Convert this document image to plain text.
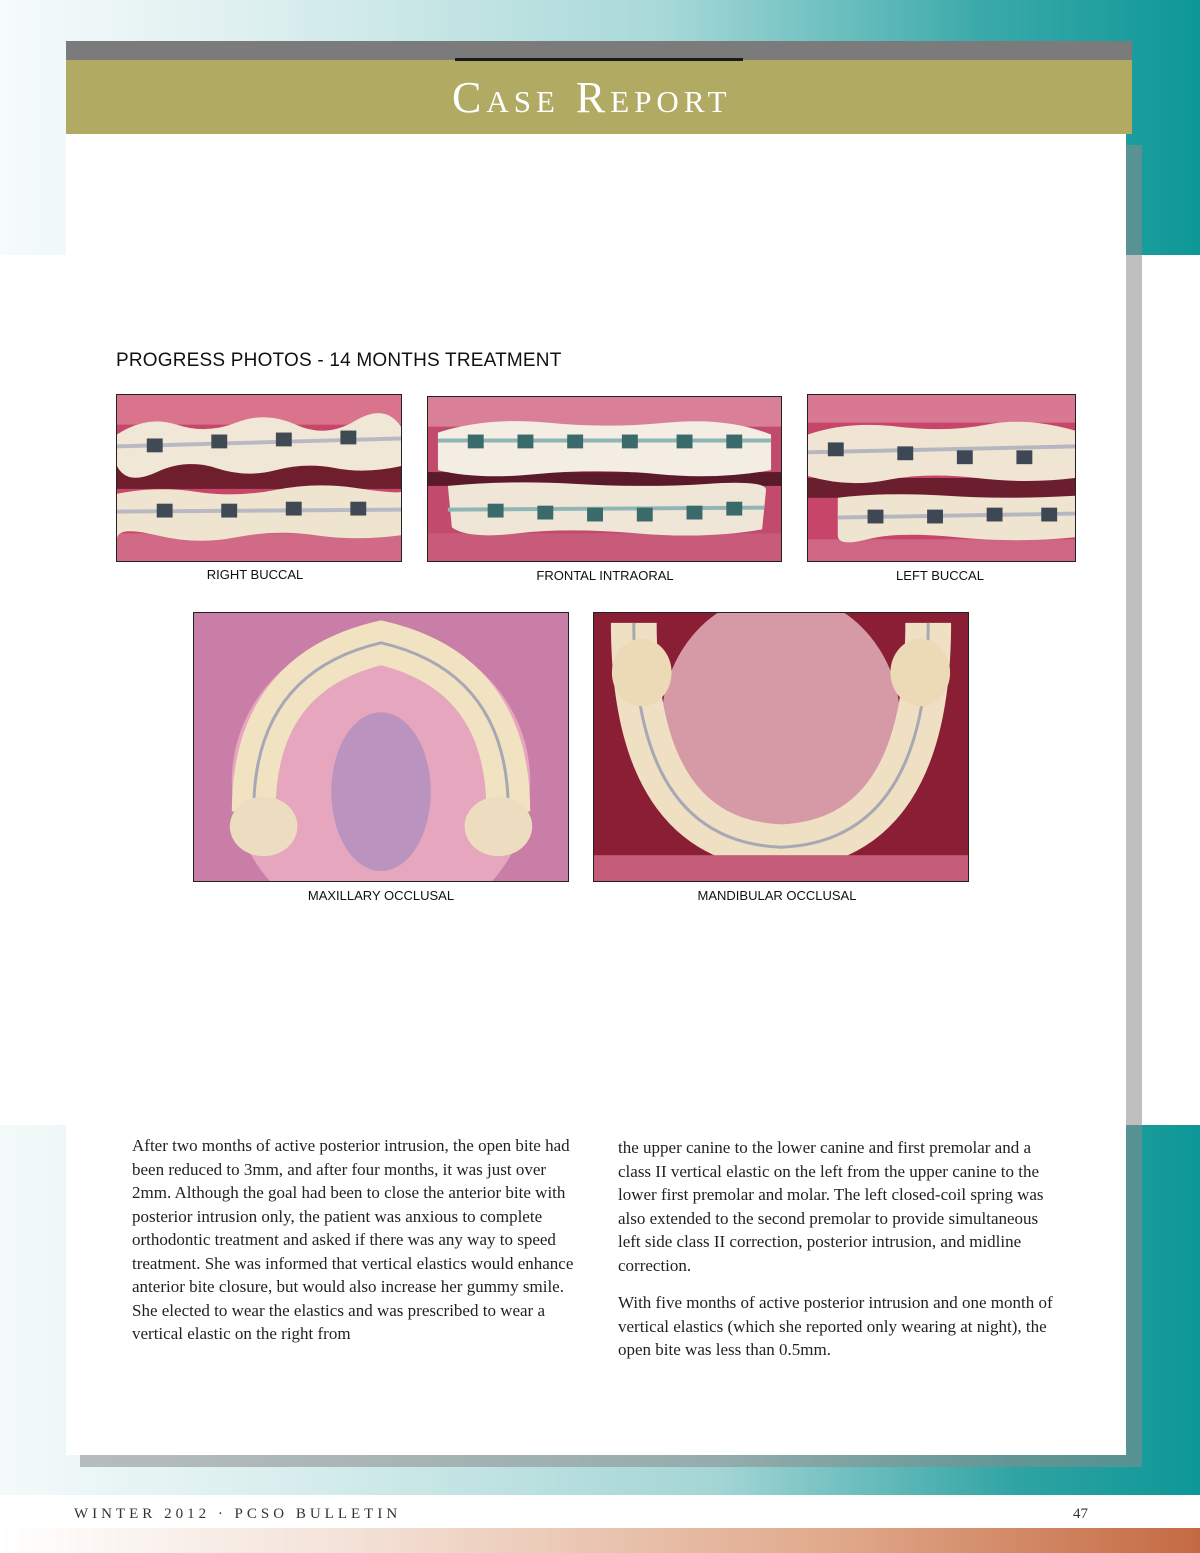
Case Report
PROGRESS PHOTOS - 14 MONTHS TREATMENT
RIGHT BUCCAL	FRONTAL INTRAORAL	LEFT BUCCAL
MAXILLARY OCCLUSAL	MANDIBULAR OCCLUSAL

After two months of active posterior intrusion, the open bite had been reduced to 3mm, and after four months, it was just over 2mm. Although the goal had been to close the anterior bite with posterior intrusion only, the patient was anxious to complete orthodontic treatment and asked if there was any way to speed treatment. She was informed that vertical elastics would enhance anterior bite closure, but would also increase her gummy smile. She elected to wear the elastics and was prescribed to wear a vertical elastic on the right from

the upper canine to the lower canine and first premolar and a class II vertical elastic on the left from the upper canine to the lower first premolar and molar. The left closed-coil spring was also extended to the second premolar to provide simultaneous left side class II correction, posterior intrusion, and midline correction.

With five months of active posterior intrusion and one month of vertical elastics (which she reported only wearing at night), the open bite was less than 0.5mm.

WINTER 2012 · PCSO BULLETIN	47
